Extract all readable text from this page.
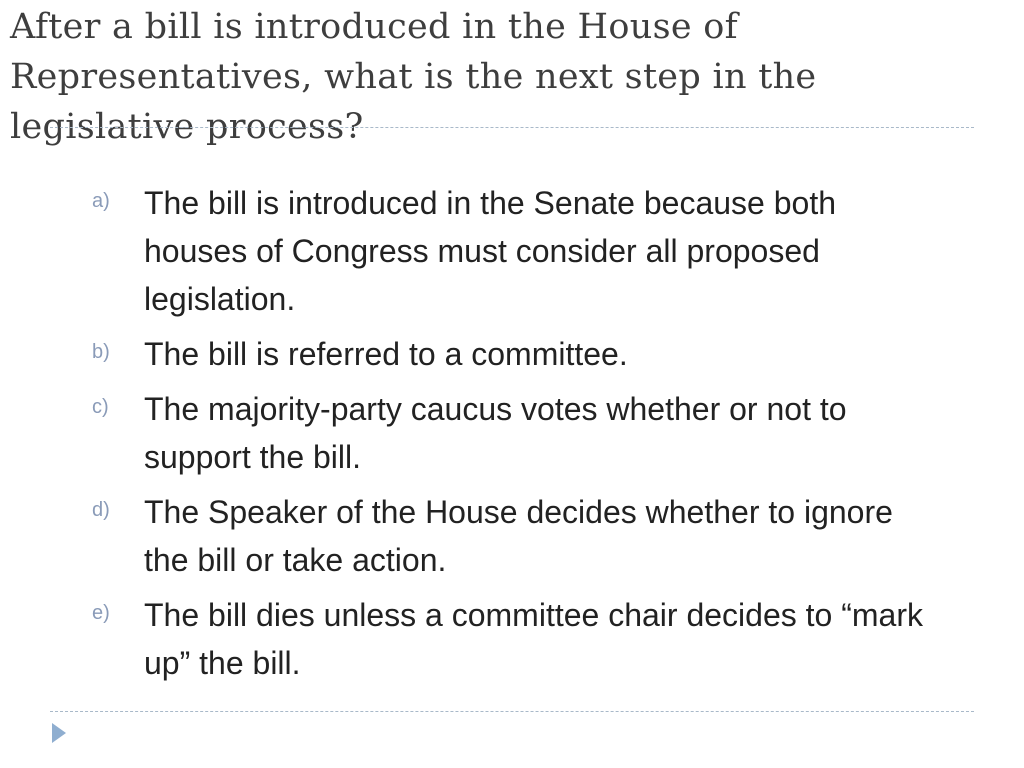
After a bill is introduced in the House of Representatives, what is the next step in the legislative process?
a) The bill is introduced in the Senate because both houses of Congress must consider all proposed legislation.
b) The bill is referred to a committee.
c) The majority-party caucus votes whether or not to support the bill.
d) The Speaker of the House decides whether to ignore the bill or take action.
e) The bill dies unless a committee chair decides to “mark up” the bill.
